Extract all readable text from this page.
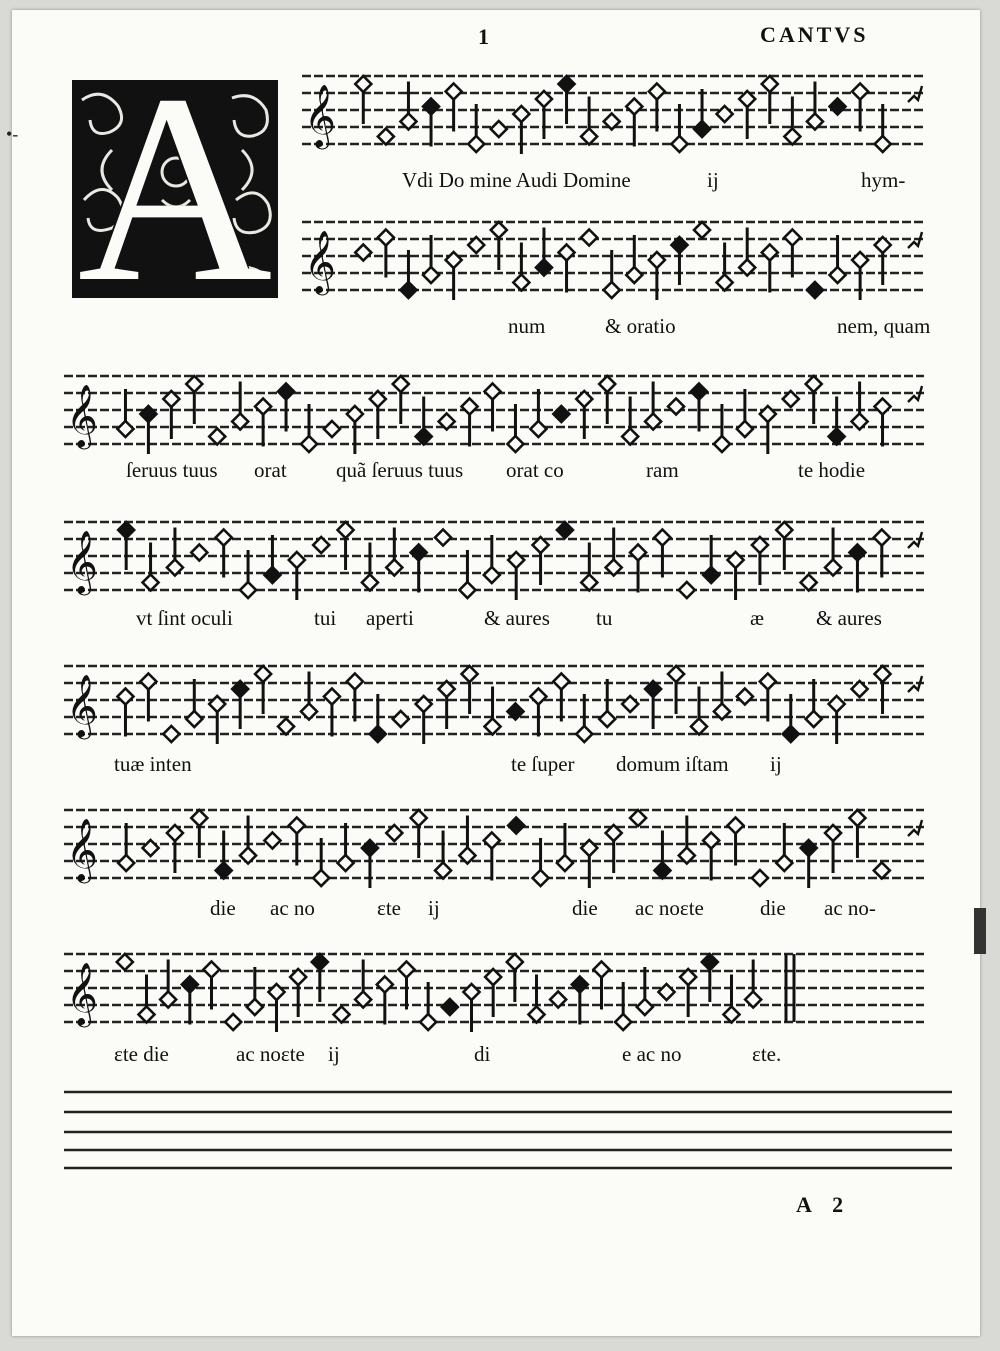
1	CANTVS
A 𝄞
Vdi Do mine Audi Domine	ij	hym-
𝄞
num	& oratio	nem, quam
𝄞
ſeruus tuus orat quã ſeruus tuus orat co	ram	te hodie
𝄞
vt ſint oculi	tui aperti	& aures tu	æ & aures
𝄞
tuæ inten	te ſuper domum iſtam ij
𝄞
die ac no	ɛte ij	die ac noɛte	die ac no-
𝄞
ɛte die	ac noɛte ij	di	e ac no	ɛte.
A 2
•-
